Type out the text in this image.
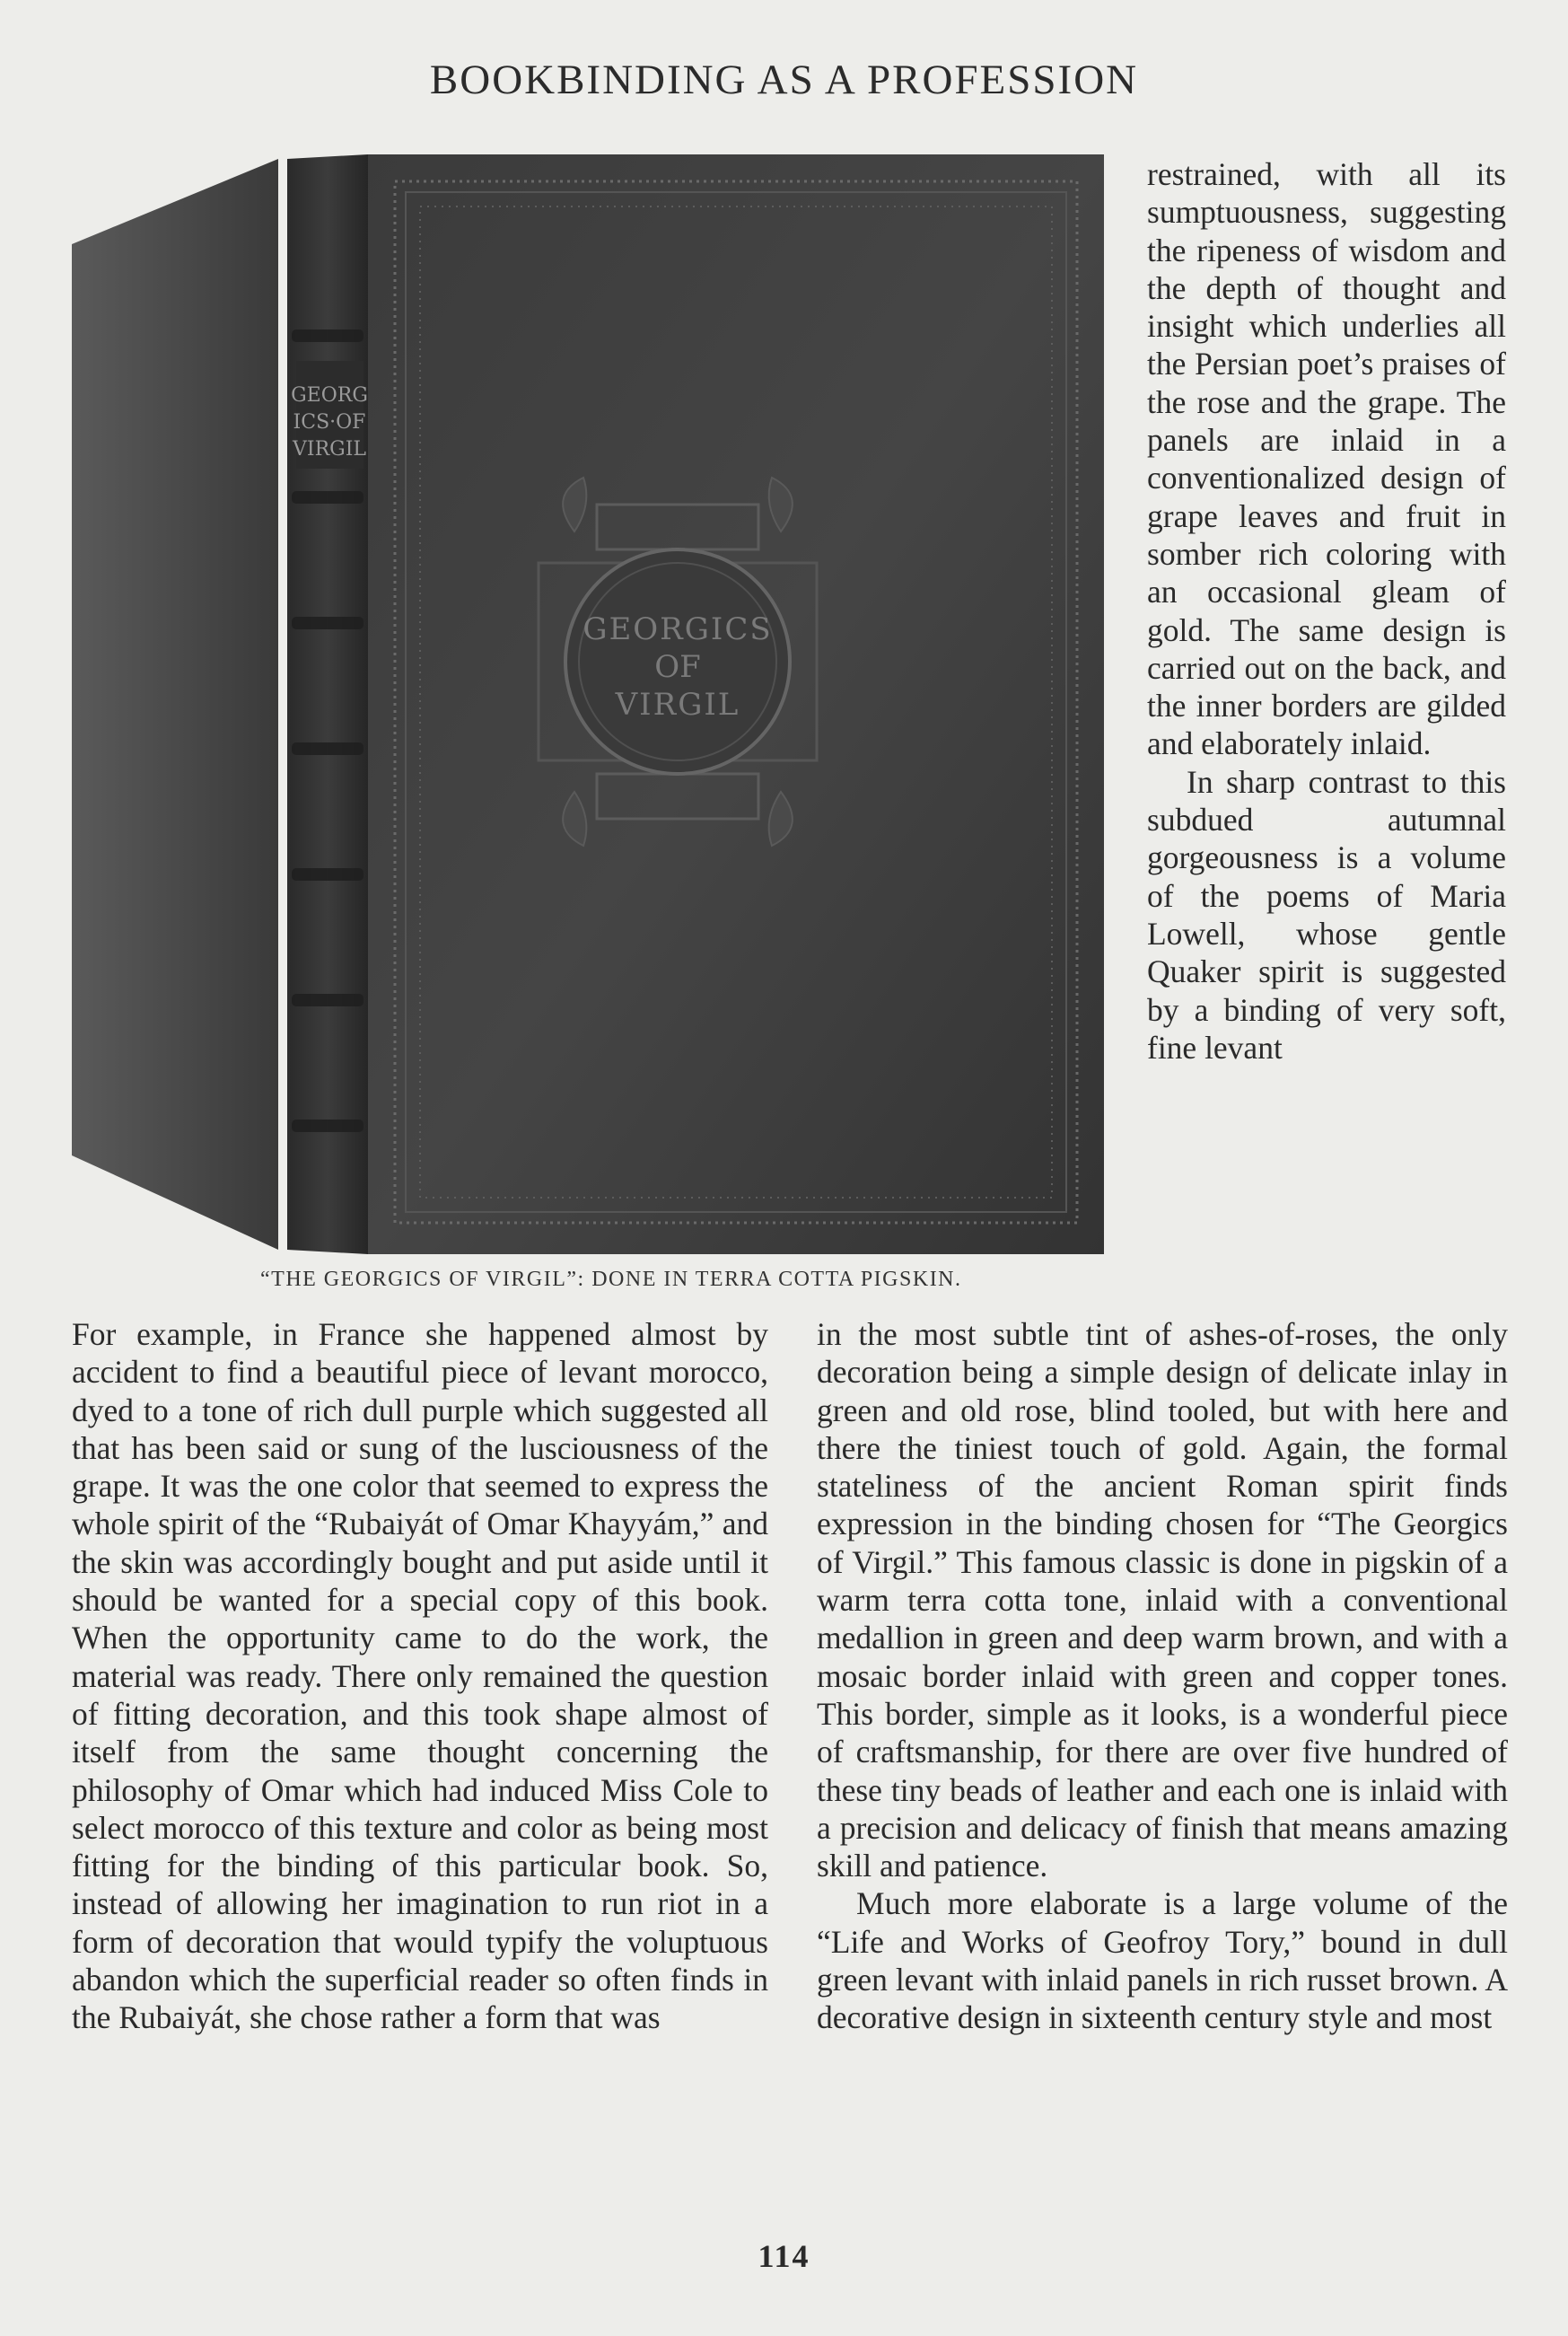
BOOKBINDING AS A PROFESSION
GEORG
ICS·OF
VIRGIL
GEORGICS
OF
VIRGIL
“THE GEORGICS OF VIRGIL”: DONE IN TERRA COTTA PIGSKIN.

restrained, with all its sumptuousness, suggesting the ripeness of wisdom and the depth of thought and insight which underlies all the Persian poet’s praises of the rose and the grape. The panels are inlaid in a conventionalized design of grape leaves and fruit in somber rich coloring with an occasional gleam of gold. The same design is carried out on the back, and the inner borders are gilded and elaborately inlaid.

In sharp contrast to this subdued autumnal gorgeousness is a volume of the poems of Maria Lowell, whose gentle Quaker spirit is suggested by a binding of very soft, fine levant

For example, in France she happened almost by accident to find a beautiful piece of levant morocco, dyed to a tone of rich dull purple which suggested all that has been said or sung of the lusciousness of the grape. It was the one color that seemed to express the whole spirit of the “Rubaiyát of Omar Khayyám,” and the skin was accordingly bought and put aside until it should be wanted for a special copy of this book. When the opportunity came to do the work, the material was ready. There only remained the question of fitting decoration, and this took shape almost of itself from the same thought concerning the philosophy of Omar which had induced Miss Cole to select morocco of this texture and color as being most fitting for the binding of this particular book. So, instead of allowing her imagination to run riot in a form of decoration that would typify the voluptuous abandon which the superficial reader so often finds in the Rubaiyát, she chose rather a form that was

in the most subtle tint of ashes-of-roses, the only decoration being a simple design of delicate inlay in green and old rose, blind tooled, but with here and there the tiniest touch of gold. Again, the formal stateliness of the ancient Roman spirit finds expression in the binding chosen for “The Georgics of Virgil.” This famous classic is done in pigskin of a warm terra cotta tone, inlaid with a conventional medallion in green and deep warm brown, and with a mosaic border inlaid with green and copper tones. This border, simple as it looks, is a wonderful piece of craftsmanship, for there are over five hundred of these tiny beads of leather and each one is inlaid with a precision and delicacy of finish that means amazing skill and patience.

Much more elaborate is a large volume of the “Life and Works of Geofroy Tory,” bound in dull green levant with inlaid panels in rich russet brown. A decorative design in sixteenth century style and most

114
